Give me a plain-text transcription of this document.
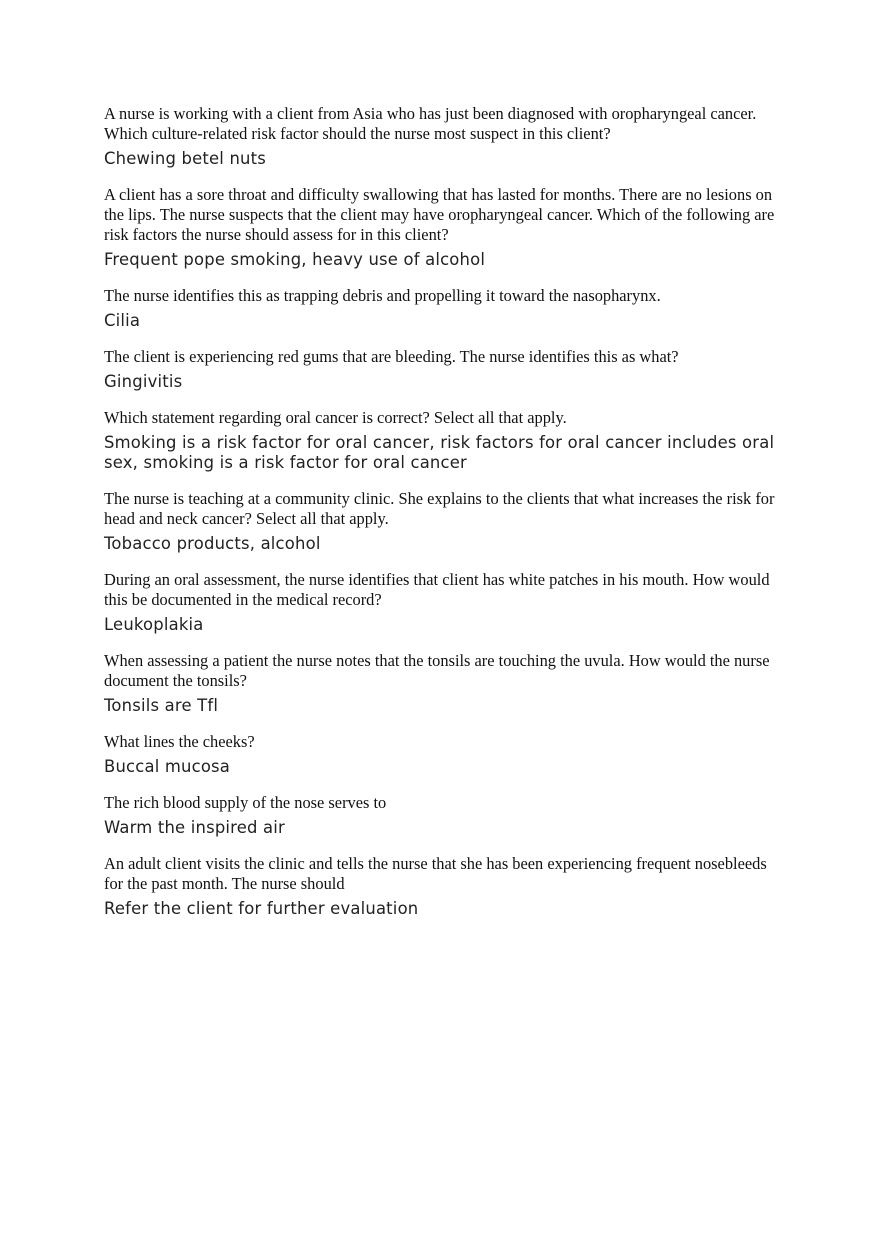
A nurse is working with a client from Asia who has just been diagnosed with oropharyngeal cancer. Which culture-related risk factor should the nurse most suspect in this client?

Chewing betel nuts

A client has a sore throat and difficulty swallowing that has lasted for months. There are no lesions on the lips. The nurse suspects that the client may have oropharyngeal cancer. Which of the following are risk factors the nurse should assess for in this client?

Frequent pope smoking, heavy use of alcohol

The nurse identifies this as trapping debris and propelling it toward the nasopharynx.

Cilia

The client is experiencing red gums that are bleeding. The nurse identifies this as what?

Gingivitis

Which statement regarding oral cancer is correct? Select all that apply.

Smoking is a risk factor for oral cancer, risk factors for oral cancer includes oral sex, smoking is a risk factor for oral cancer

The nurse is teaching at a community clinic. She explains to the clients that what increases the risk for head and neck cancer? Select all that apply.

Tobacco products, alcohol

During an oral assessment, the nurse identifies that client has white patches in his mouth. How would this be documented in the medical record?

Leukoplakia

When assessing a patient the nurse notes that the tonsils are touching the uvula. How would the nurse document the tonsils?

Tonsils are Tfl

What lines the cheeks?

Buccal mucosa

The rich blood supply of the nose serves to

Warm the inspired air

An adult client visits the clinic and tells the nurse that she has been experiencing frequent nosebleeds for the past month. The nurse should

Refer the client for further evaluation
